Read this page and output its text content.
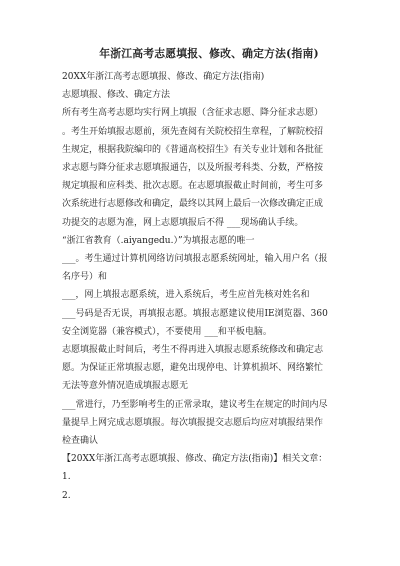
年浙江高考志愿填报、修改、确定方法(指南)

20XX年浙江高考志愿填报、修改、确定方法(指南)

志愿填报、修改、确定方法

所有考生高考志愿均实行网上填报（含征求志愿、降分征求志愿）

。考生开始填报志愿前，须先查阅有关院校招生章程，了解院校招

生规定，根据我院编印的《普通高校招生》有关专业计划和各批征

求志愿与降分征求志愿填报通告，以及所报考科类、分数，严格按

规定填报和应科类、批次志愿。在志愿填报截止时间前，考生可多

次系统进行志愿修改和确定，最终以其网上最后一次修改确定正成

功提交的志愿为准，网上志愿填报后不得 ___现场确认手续。

“浙江省教育（.aiyangedu.）”为填报志愿的唯一

___。考生通过计算机网络访问填报志愿系统网址，输入用户名（报

名序号）和

___，网上填报志愿系统，进入系统后，考生应首先核对姓名和

___号码是否无误，再填报志愿。填报志愿建议使用IE浏览器、360

安全浏览器（兼容模式），不要使用 ___和平板电脑。

志愿填报截止时间后，考生不得再进入填报志愿系统修改和确定志

愿。为保证正常填报志愿，避免出现停电、计算机损坏、网络繁忙

无法等意外情况造成填报志愿无

___常进行，乃至影响考生的正常录取，建议考生在规定的时间内尽

量提早上网完成志愿填报。每次填报提交志愿后均应对填报结果作

检查确认

【20XX年浙江高考志愿填报、修改、确定方法(指南)】相关文章：

1.

2.
